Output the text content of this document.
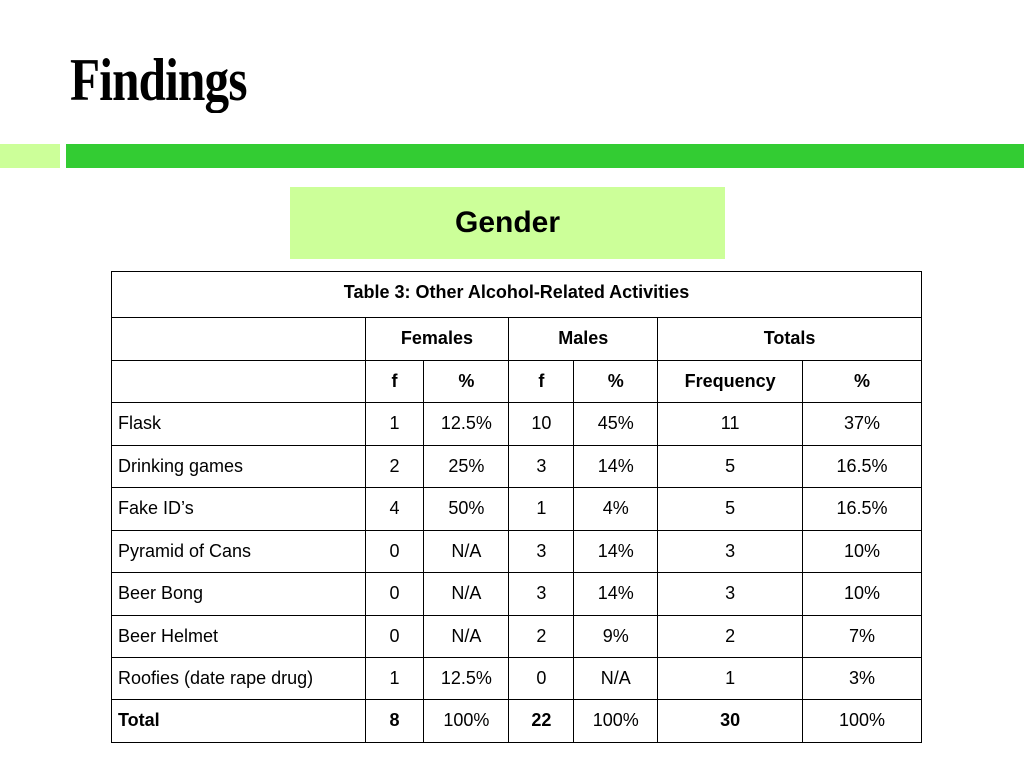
Findings
Gender
Table 3: Other Alcohol-Related Activities						
	Females		Males		Totals	
	f	%	f	%	Frequency	%
Flask	1	12.5%	10	45%	11	37%
Drinking games	2	25%	3	14%	5	16.5%
Fake ID’s	4	50%	1	4%	5	16.5%
Pyramid of Cans	0	N/A	3	14%	3	10%
Beer Bong	0	N/A	3	14%	3	10%
Beer Helmet	0	N/A	2	9%	2	7%
Roofies (date rape drug)	1	12.5%	0	N/A	1	3%
Total	8	100%	22	100%	30	100%
